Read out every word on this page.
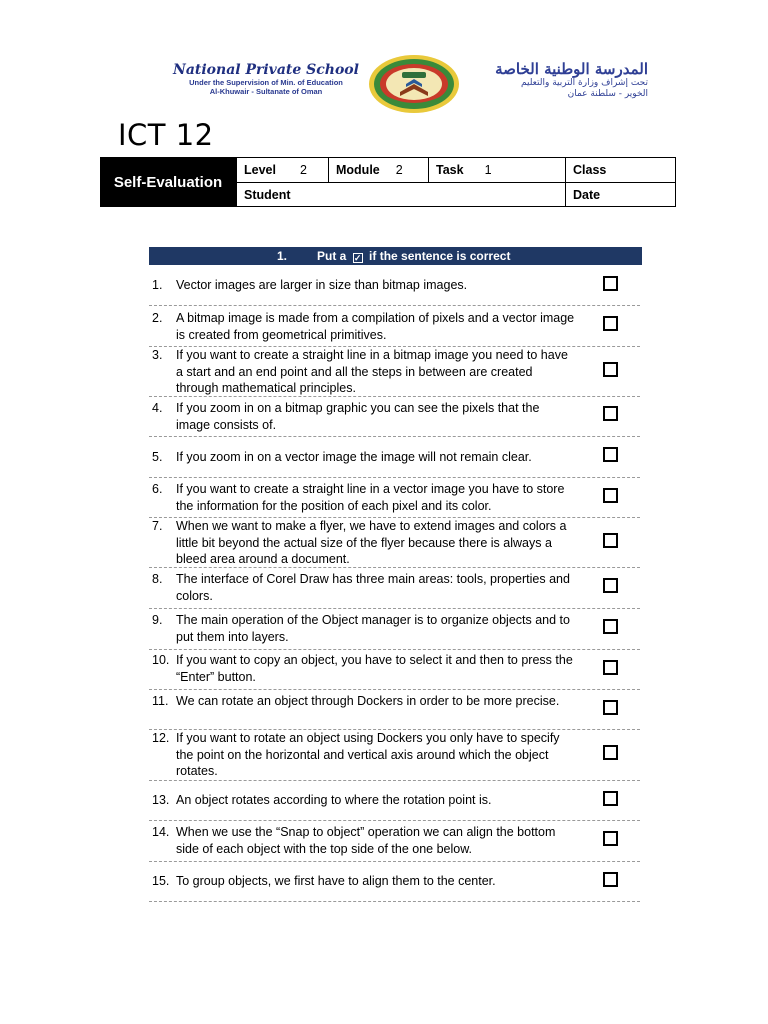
National Private School
Under the Supervision of Min. of Education
Al-Khuwair - Sultanate of Oman
المدرسة الوطنية الخاصة
تحت إشراف وزارة التربية والتعليم
الخوير - سلطنة عمان
ICT 12
Self-Evaluation
Level 2 Module 2	Task 1	Class
Student	Date
1.	Put a ✓ if the sentence is correct
1. Vector images are larger in size than bitmap images.
2. A bitmap image is made from a compilation of pixels and a vector image is created from geometrical primitives.
3. If you want to create a straight line in a bitmap image you need to have a start and an end point and all the steps in between are created through mathematical principles.
4. If you zoom in on a bitmap graphic you can see the pixels that the image consists of.
5. If you zoom in on a vector image the image will not remain clear.
6. If you want to create a straight line in a vector image you have to store the information for the position of each pixel and its color.
7. When we want to make a flyer, we have to extend images and colors a little bit beyond the actual size of the flyer because there is always a bleed area around a document.
8. The interface of Corel Draw has three main areas: tools, properties and colors.
9. The main operation of the Object manager is to organize objects and to put them into layers.
10. If you want to copy an object, you have to select it and then to press the “Enter” button.
11. We can rotate an object through Dockers in order to be more precise.
12. If you want to rotate an object using Dockers you only have to specify the point on the horizontal and vertical axis around which the object rotates.
13. An object rotates according to where the rotation point is.
14. When we use the “Snap to object” operation we can align the bottom side of each object with the top side of the one below.
15. To group objects, we first have to align them to the center.
